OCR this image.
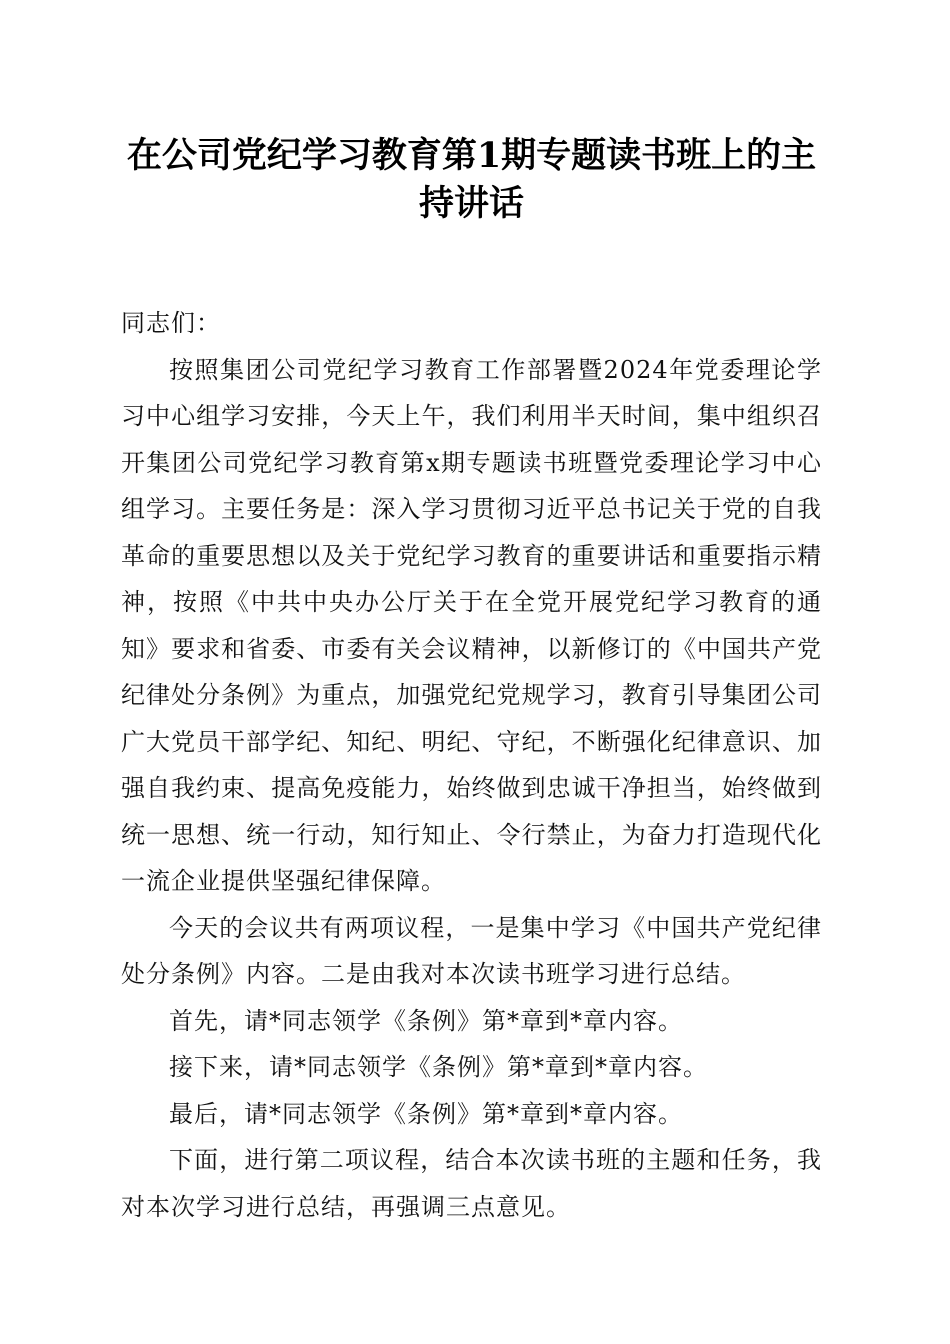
在公司党纪学习教育第1期专题读书班上的主持讲话

同志们：

按照集团公司党纪学习教育工作部署暨2024年党委理论学习中心组学习安排，今天上午，我们利用半天时间，集中组织召开集团公司党纪学习教育第x期专题读书班暨党委理论学习中心组学习。主要任务是：深入学习贯彻习近平总书记关于党的自我革命的重要思想以及关于党纪学习教育的重要讲话和重要指示精神，按照《中共中央办公厅关于在全党开展党纪学习教育的通知》要求和省委、市委有关会议精神，以新修订的《中国共产党纪律处分条例》为重点，加强党纪党规学习，教育引导集团公司广大党员干部学纪、知纪、明纪、守纪，不断强化纪律意识、加强自我约束、提高免疫能力，始终做到忠诚干净担当，始终做到统一思想、统一行动，知行知止、令行禁止，为奋力打造现代化一流企业提供坚强纪律保障。

今天的会议共有两项议程，一是集中学习《中国共产党纪律处分条例》内容。二是由我对本次读书班学习进行总结。

首先，请*同志领学《条例》第*章到*章内容。

接下来，请*同志领学《条例》第*章到*章内容。

最后，请*同志领学《条例》第*章到*章内容。

下面，进行第二项议程，结合本次读书班的主题和任务，我对本次学习进行总结，再强调三点意见。
